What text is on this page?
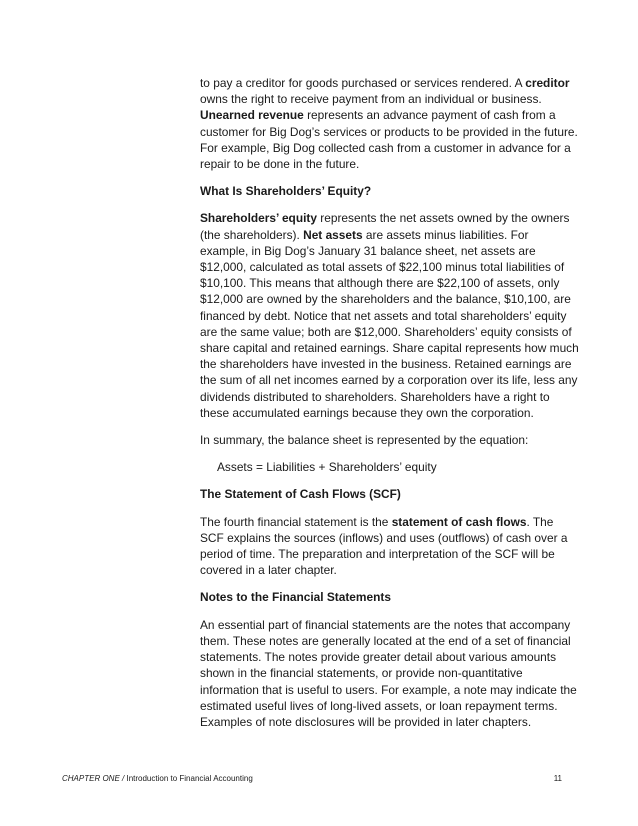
to pay a creditor for goods purchased or services rendered. A creditor owns the right to receive payment from an individual or business. Unearned revenue represents an advance payment of cash from a customer for Big Dog’s services or products to be provided in the future. For example, Big Dog collected cash from a customer in advance for a repair to be done in the future.

What Is Shareholders’ Equity?

Shareholders’ equity represents the net assets owned by the owners (the shareholders). Net assets are assets minus liabilities. For example, in Big Dog’s January 31 balance sheet, net assets are $12,000, calculated as total assets of $22,100 minus total liabilities of $10,100. This means that although there are $22,100 of assets, only $12,000 are owned by the shareholders and the balance, $10,100, are financed by debt. Notice that net assets and total shareholders’ equity are the same value; both are $12,000. Shareholders’ equity consists of share capital and retained earnings. Share capital represents how much the shareholders have invested in the business. Retained earnings are the sum of all net incomes earned by a corporation over its life, less any dividends distributed to shareholders. Shareholders have a right to these accumulated earnings because they own the corporation.

In summary, the balance sheet is represented by the equation:

Assets = Liabilities + Shareholders’ equity

The Statement of Cash Flows (SCF)

The fourth financial statement is the statement of cash flows. The SCF explains the sources (inflows) and uses (outflows) of cash over a period of time. The preparation and interpretation of the SCF will be covered in a later chapter.

Notes to the Financial Statements

An essential part of financial statements are the notes that accompany them. These notes are generally located at the end of a set of financial statements. The notes provide greater detail about various amounts shown in the financial statements, or provide non-quantitative information that is useful to users. For example, a note may indicate the estimated useful lives of long-lived assets, or loan repayment terms. Examples of note disclosures will be provided in later chapters.

CHAPTER ONE / Introduction to Financial Accounting	11
